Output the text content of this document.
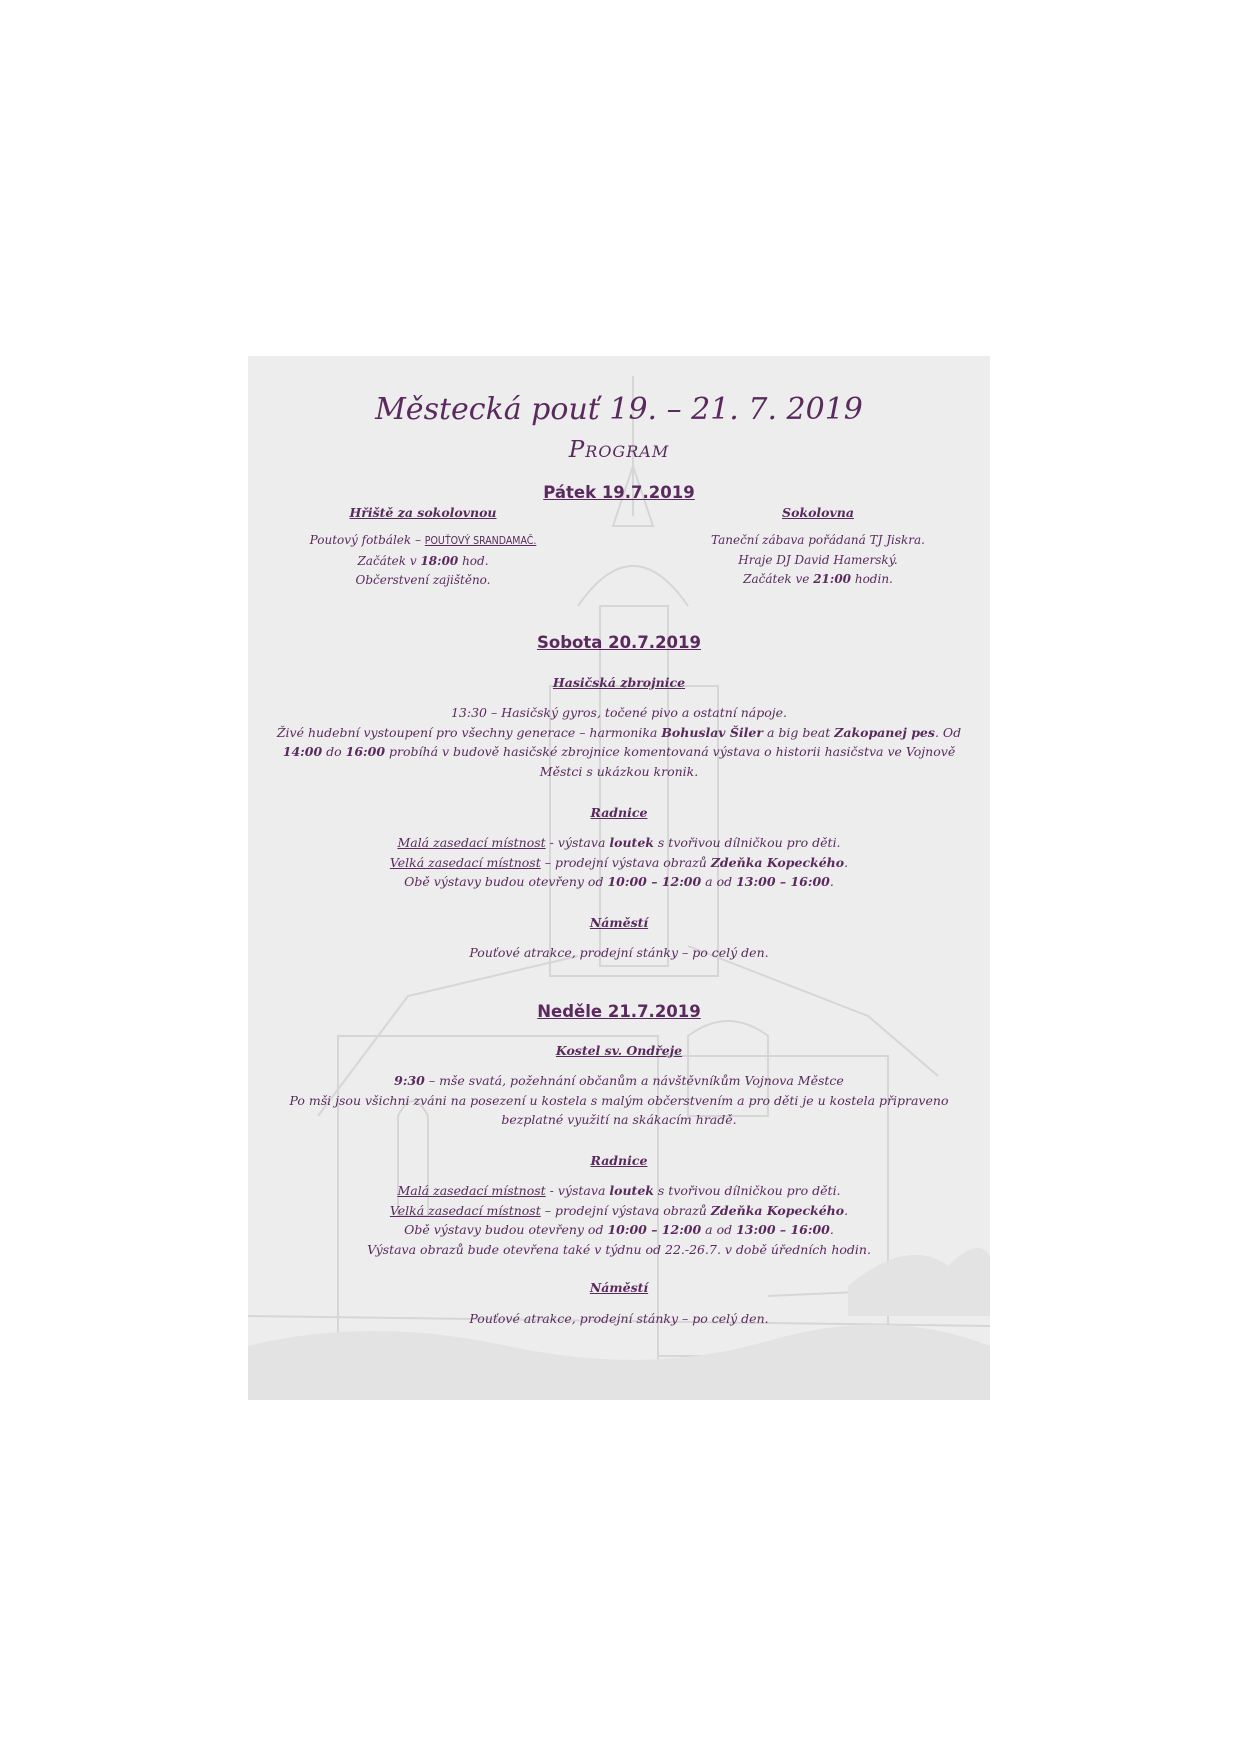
Městecká pouť 19. – 21. 7. 2019
Program
Pátek 19.7.2019
Hřiště za sokolovnou
Poutový fotbálek – POUŤOVÝ SRANDAMAČ.
Začátek v 18:00 hod.
Občerstvení zajištěno.
Sokolovna
Taneční zábava pořádaná TJ Jiskra.
Hraje DJ David Hamerský.
Začátek ve 21:00 hodin.
Sobota 20.7.2019
Hasičská zbrojnice
13:30 – Hasičský gyros, točené pivo a ostatní nápoje.
Živé hudební vystoupení pro všechny generace – harmonika Bohuslav Šiler a big beat Zakopanej pes. Od
14:00 do 16:00 probíhá v budově hasičské zbrojnice komentovaná výstava o historii hasičstva ve Vojnově
Městci s ukázkou kronik.
Radnice
Malá zasedací místnost - výstava loutek s tvořivou dílničkou pro děti.
Velká zasedací místnost – prodejní výstava obrazů Zdeňka Kopeckého.
Obě výstavy budou otevřeny od 10:00 – 12:00 a od 13:00 – 16:00.
Náměstí
Pouťové atrakce, prodejní stánky – po celý den.
Neděle 21.7.2019
Kostel sv. Ondřeje
9:30 – mše svatá, požehnání občanům a návštěvníkům Vojnova Městce
Po mši jsou všichni zváni na posezení u kostela s malým občerstvením a pro děti je u kostela připraveno
bezplatné využití na skákacím hradě.
Radnice
Malá zasedací místnost - výstava loutek s tvořivou dílničkou pro děti.
Velká zasedací místnost – prodejní výstava obrazů Zdeňka Kopeckého.
Obě výstavy budou otevřeny od 10:00 – 12:00 a od 13:00 – 16:00.
Výstava obrazů bude otevřena také v týdnu od 22.-26.7. v době úředních hodin.
Náměstí
Pouťové atrakce, prodejní stánky – po celý den.
